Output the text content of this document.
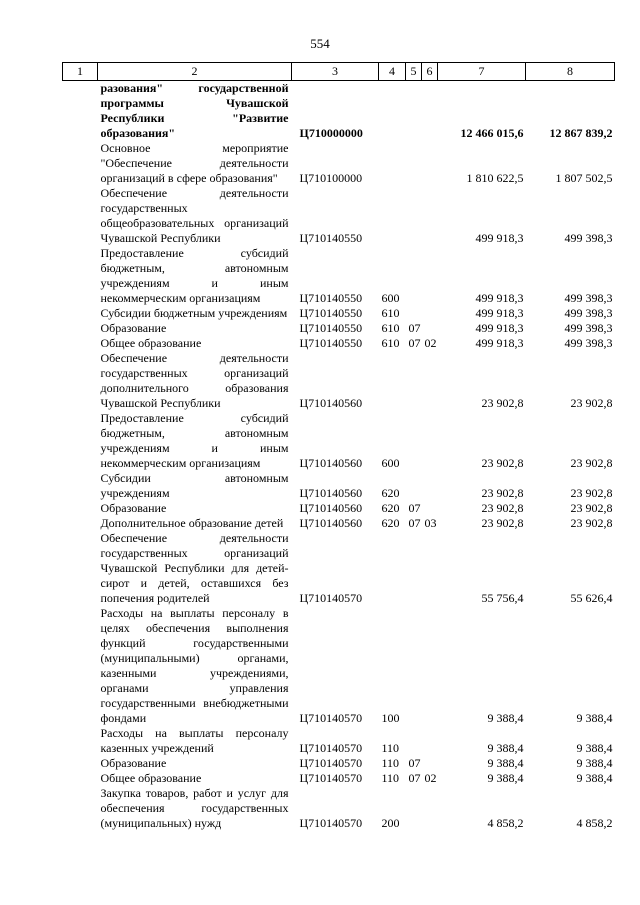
554
1	2	3	4	5	6	7	8
	разования" государственной программы Чувашской Республики "Развитие образования"	Ц710000000				12 466 015,6	12 867 839,2
	Основное мероприятие "Обеспечение деятельности организаций в сфере образования"	Ц710100000				1 810 622,5	1 807 502,5
	Обеспечение деятельности государственных общеобразовательных организаций Чувашской Республики	Ц710140550				499 918,3	499 398,3
	Предоставление субсидий бюджетным, автономным учреждениям и иным некоммерческим организациям	Ц710140550	600			499 918,3	499 398,3
	Субсидии бюджетным учреждениям	Ц710140550	610			499 918,3	499 398,3
	Образование	Ц710140550	610	07		499 918,3	499 398,3
	Общее образование	Ц710140550	610	07	02	499 918,3	499 398,3
	Обеспечение деятельности государственных организаций дополнительного образования Чувашской Республики	Ц710140560				23 902,8	23 902,8
	Предоставление субсидий бюджетным, автономным учреждениям и иным некоммерческим организациям	Ц710140560	600			23 902,8	23 902,8
	Субсидии автономным учреждениям	Ц710140560	620			23 902,8	23 902,8
	Образование	Ц710140560	620	07		23 902,8	23 902,8
	Дополнительное образование детей	Ц710140560	620	07	03	23 902,8	23 902,8
	Обеспечение деятельности государственных организаций Чувашской Республики для детей-сирот и детей, оставшихся без попечения родителей	Ц710140570				55 756,4	55 626,4
	Расходы на выплаты персоналу в целях обеспечения выполнения функций государственными (муниципальными) органами, казенными учреждениями, органами управления государственными внебюджетными фондами	Ц710140570	100			9 388,4	9 388,4
	Расходы на выплаты персоналу казенных учреждений	Ц710140570	110			9 388,4	9 388,4
	Образование	Ц710140570	110	07		9 388,4	9 388,4
	Общее образование	Ц710140570	110	07	02	9 388,4	9 388,4
	Закупка товаров, работ и услуг для обеспечения государственных (муниципальных) нужд	Ц710140570	200			4 858,2	4 858,2
